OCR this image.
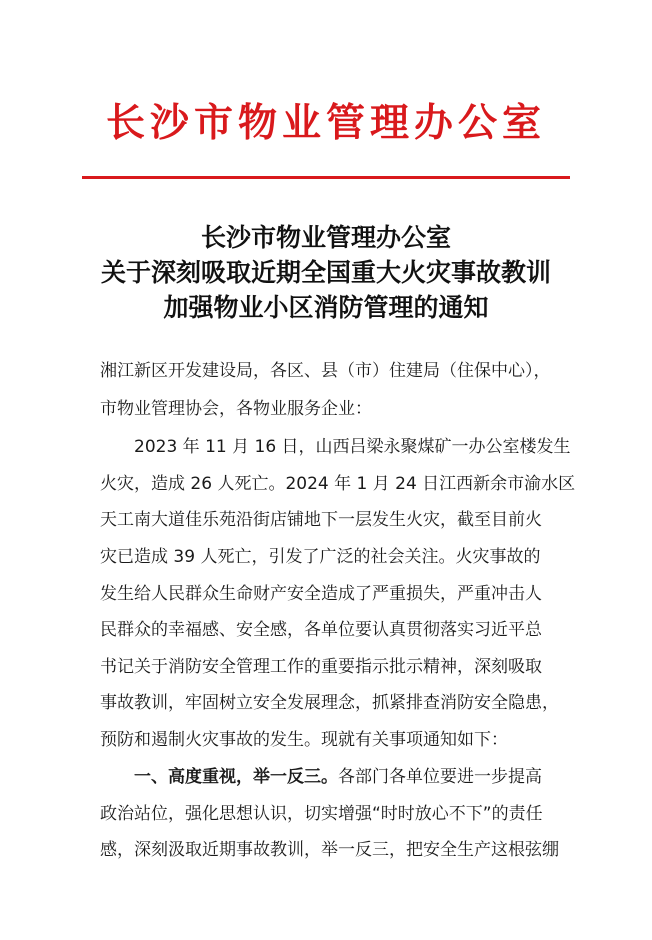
长沙市物业管理办公室
长沙市物业管理办公室
关于深刻吸取近期全国重大火灾事故教训
加强物业小区消防管理的通知
湘江新区开发建设局，各区、县（市）住建局（住保中心），
市物业管理协会，各物业服务企业：
2023 年 11 月 16 日，山西吕梁永聚煤矿一办公室楼发生
火灾，造成 26 人死亡。2024 年 1 月 24 日江西新余市渝水区
天工南大道佳乐苑沿街店铺地下一层发生火灾，截至目前火
灾已造成 39 人死亡，引发了广泛的社会关注。火灾事故的
发生给人民群众生命财产安全造成了严重损失，严重冲击人
民群众的幸福感、安全感，各单位要认真贯彻落实习近平总
书记关于消防安全管理工作的重要指示批示精神，深刻吸取
事故教训，牢固树立安全发展理念，抓紧排查消防安全隐患，
预防和遏制火灾事故的发生。现就有关事项通知如下：
一、高度重视，举一反三。各部门各单位要进一步提高
政治站位，强化思想认识，切实增强“时时放心不下”的责任
感，深刻汲取近期事故教训，举一反三，把安全生产这根弦绷
